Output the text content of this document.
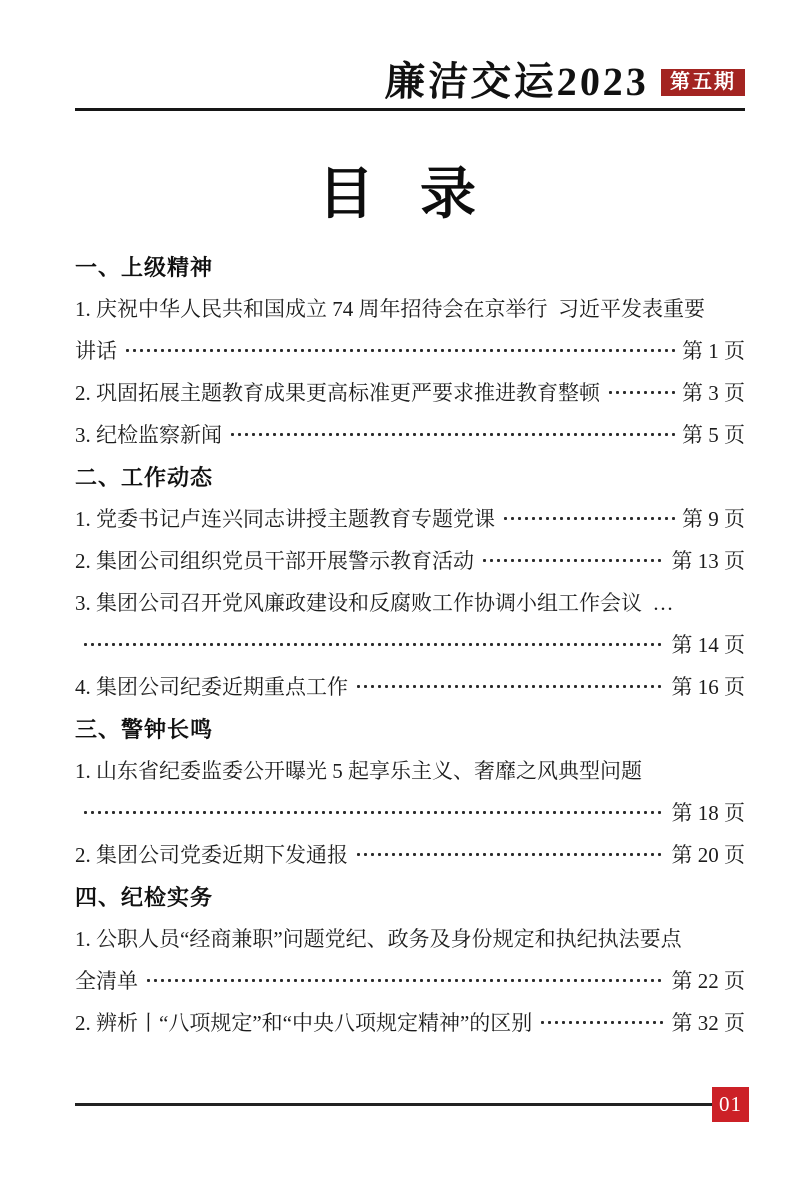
廉洁交运2023	第五期
目  录
一、上级精神
1. 庆祝中华人民共和国成立 74 周年招待会在京举行  习近平发表重要
讲话	第 1 页
2. 巩固拓展主题教育成果更高标准更严要求推进教育整顿	第 3 页
3. 纪检监察新闻	第 5 页
二、工作动态
1. 党委书记卢连兴同志讲授主题教育专题党课	第 9 页
2. 集团公司组织党员干部开展警示教育活动	第 13 页
3. 集团公司召开党风廉政建设和反腐败工作协调小组工作会议  …
第 14 页
4. 集团公司纪委近期重点工作	第 16 页
三、警钟长鸣
1. 山东省纪委监委公开曝光 5 起享乐主义、奢靡之风典型问题
第 18 页
2. 集团公司党委近期下发通报	第 20 页
四、纪检实务
1. 公职人员“经商兼职”问题党纪、政务及身份规定和执纪执法要点
全清单	第 22 页
2. 辨析丨“八项规定”和“中央八项规定精神”的区别	第 32 页
01
